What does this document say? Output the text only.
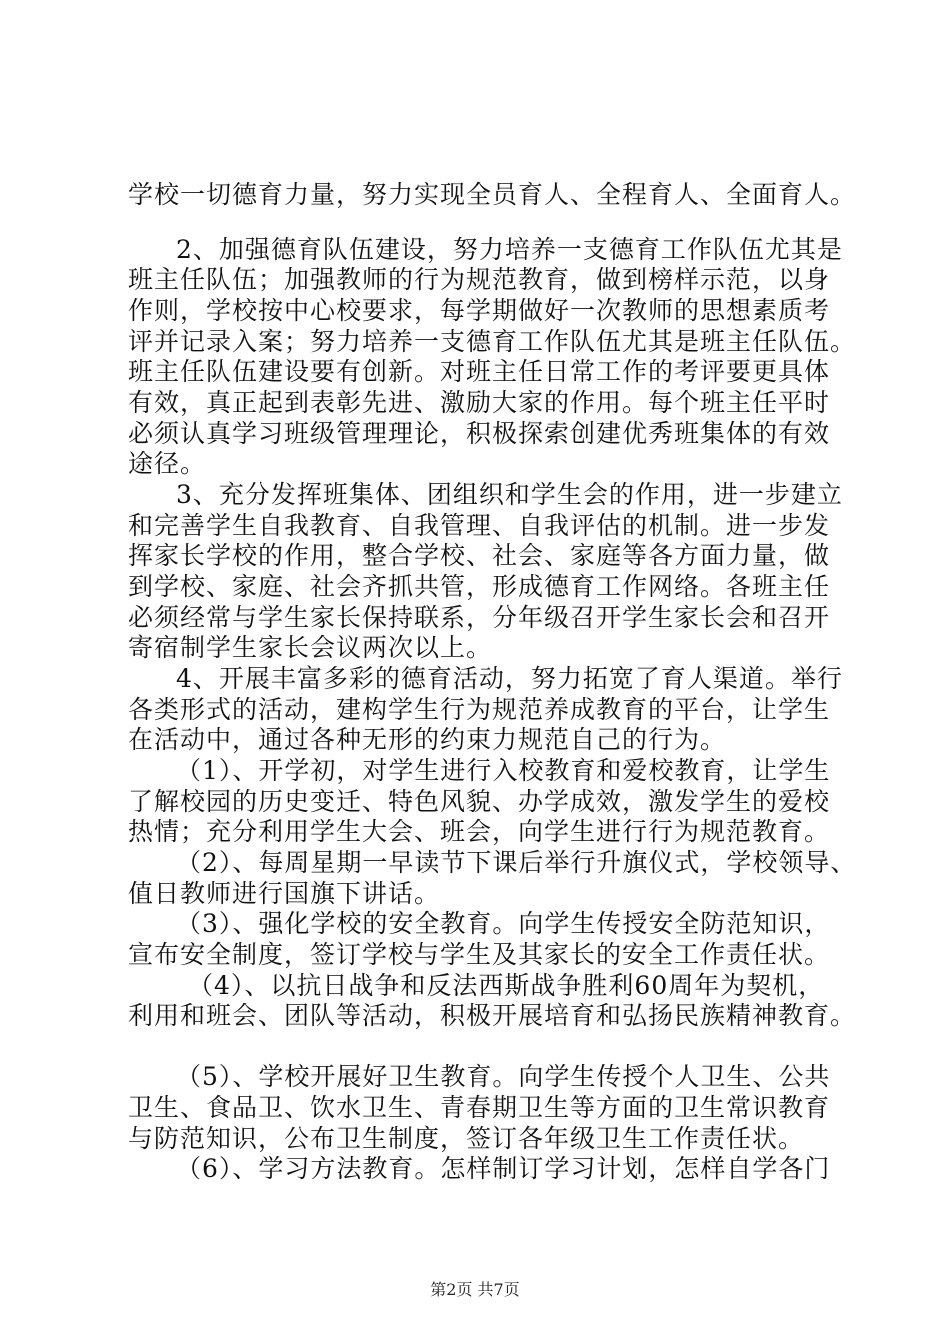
学校一切德育力量，努力实现全员育人、全程育人、全面育人。
2、加强德育队伍建设，努力培养一支德育工作队伍尤其是
班主任队伍；加强教师的行为规范教育，做到榜样示范，以身
作则，学校按中心校要求，每学期做好一次教师的思想素质考
评并记录入案；努力培养一支德育工作队伍尤其是班主任队伍。
班主任队伍建设要有创新。对班主任日常工作的考评要更具体
有效，真正起到表彰先进、激励大家的作用。每个班主任平时
必须认真学习班级管理理论，积极探索创建优秀班集体的有效
途径。
3、充分发挥班集体、团组织和学生会的作用，进一步建立
和完善学生自我教育、自我管理、自我评估的机制。进一步发
挥家长学校的作用，整合学校、社会、家庭等各方面力量，做
到学校、家庭、社会齐抓共管，形成德育工作网络。各班主任
必须经常与学生家长保持联系，分年级召开学生家长会和召开
寄宿制学生家长会议两次以上。
4、开展丰富多彩的德育活动，努力拓宽了育人渠道。举行
各类形式的活动，建构学生行为规范养成教育的平台，让学生
在活动中，通过各种无形的约束力规范自己的行为。
（1）、开学初，对学生进行入校教育和爱校教育，让学生
了解校园的历史变迁、特色风貌、办学成效，激发学生的爱校
热情；充分利用学生大会、班会，向学生进行行为规范教育。
（2）、每周星期一早读节下课后举行升旗仪式，学校领导、
值日教师进行国旗下讲话。
（3）、强化学校的安全教育。向学生传授安全防范知识，
宣布安全制度，签订学校与学生及其家长的安全工作责任状。
（4）、以抗日战争和反法西斯战争胜利60周年为契机，
利用和班会、团队等活动，积极开展培育和弘扬民族精神教育。
（5）、学校开展好卫生教育。向学生传授个人卫生、公共
卫生、食品卫、饮水卫生、青春期卫生等方面的卫生常识教育
与防范知识，公布卫生制度，签订各年级卫生工作责任状。
（6）、学习方法教育。怎样制订学习计划，怎样自学各门
第2页 共7页
